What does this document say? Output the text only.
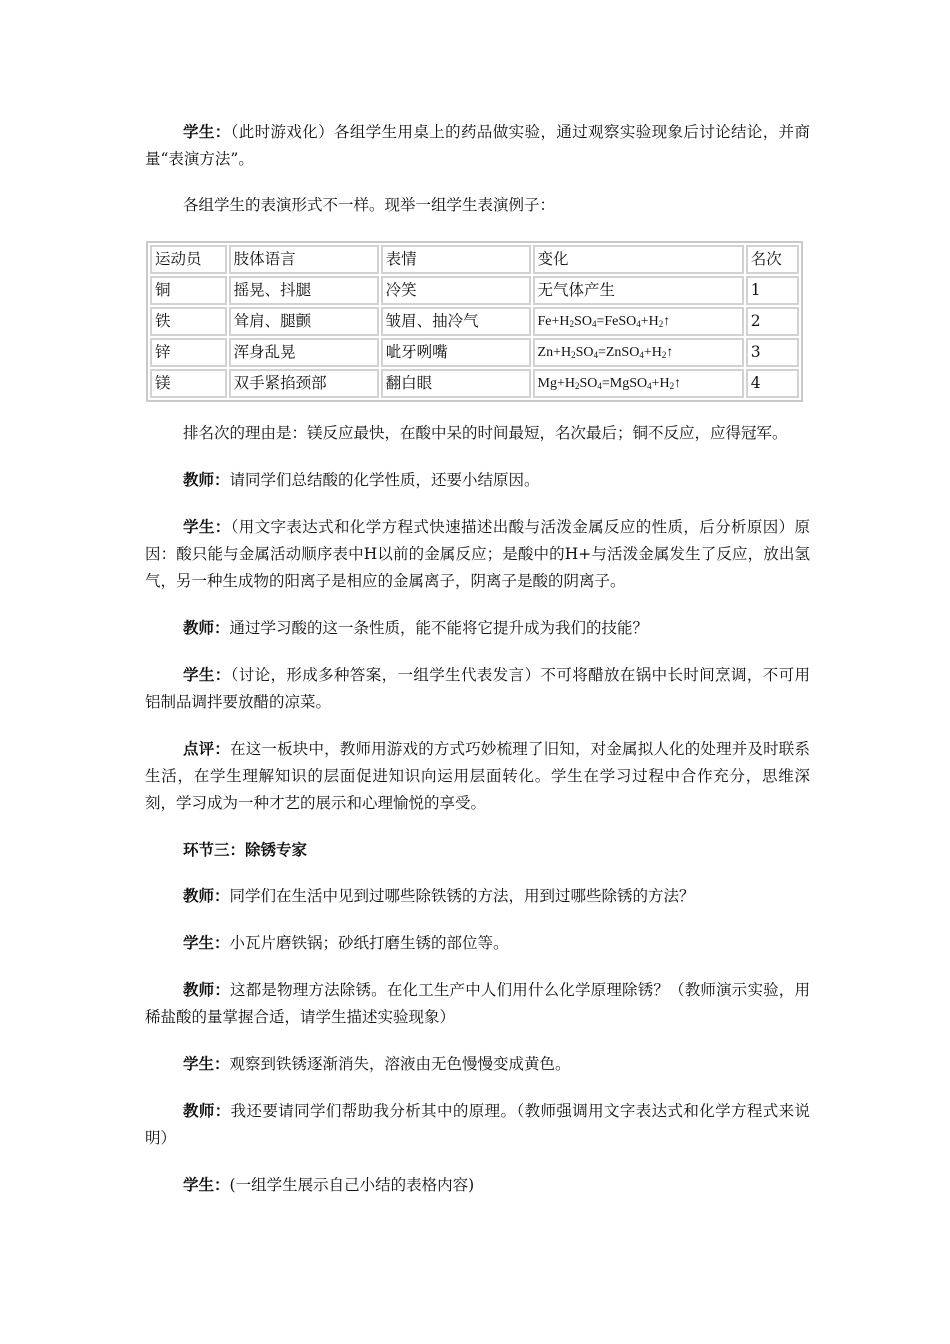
学生：（此时游戏化）各组学生用桌上的药品做实验，通过观察实验现象后讨论结论，并商量“表演方法”。

各组学生的表演形式不一样。现举一组学生表演例子：

运动员	肢体语言	表情	变化	名次
铜	摇晃、抖腿	冷笑	无气体产生	1
铁	耸肩、腿颤	皱眉、抽冷气	$Fe+H_2SO_4=FeSO_4+H_2↑$	2
锌	浑身乱晃	呲牙咧嘴	$Zn+H_2SO_4=ZnSO_4+H_2↑$	3
镁	双手紧掐颈部	翻白眼	$Mg+H_2SO_4=MgSO_4+H_2↑$	4

排名次的理由是：镁反应最快，在酸中呆的时间最短，名次最后；铜不反应，应得冠军。

教师：请同学们总结酸的化学性质，还要小结原因。

学生：（用文字表达式和化学方程式快速描述出酸与活泼金属反应的性质，后分析原因）原因：酸只能与金属活动顺序表中H以前的金属反应；是酸中的H+与活泼金属发生了反应，放出氢气，另一种生成物的阳离子是相应的金属离子，阴离子是酸的阴离子。

教师：通过学习酸的这一条性质，能不能将它提升成为我们的技能？

学生：（讨论，形成多种答案，一组学生代表发言）不可将醋放在锅中长时间烹调，不可用铝制品调拌要放醋的凉菜。

点评：在这一板块中，教师用游戏的方式巧妙梳理了旧知，对金属拟人化的处理并及时联系生活，在学生理解知识的层面促进知识向运用层面转化。学生在学习过程中合作充分，思维深刻，学习成为一种才艺的展示和心理愉悦的享受。

环节三：除锈专家

教师：同学们在生活中见到过哪些除铁锈的方法，用到过哪些除锈的方法？

学生：小瓦片磨铁锅；砂纸打磨生锈的部位等。

教师：这都是物理方法除锈。在化工生产中人们用什么化学原理除锈？（教师演示实验，用稀盐酸的量掌握合适，请学生描述实验现象）

学生：观察到铁锈逐渐消失，溶液由无色慢慢变成黄色。

教师：我还要请同学们帮助我分析其中的原理。（教师强调用文字表达式和化学方程式来说明）

学生：(一组学生展示自己小结的表格内容)
